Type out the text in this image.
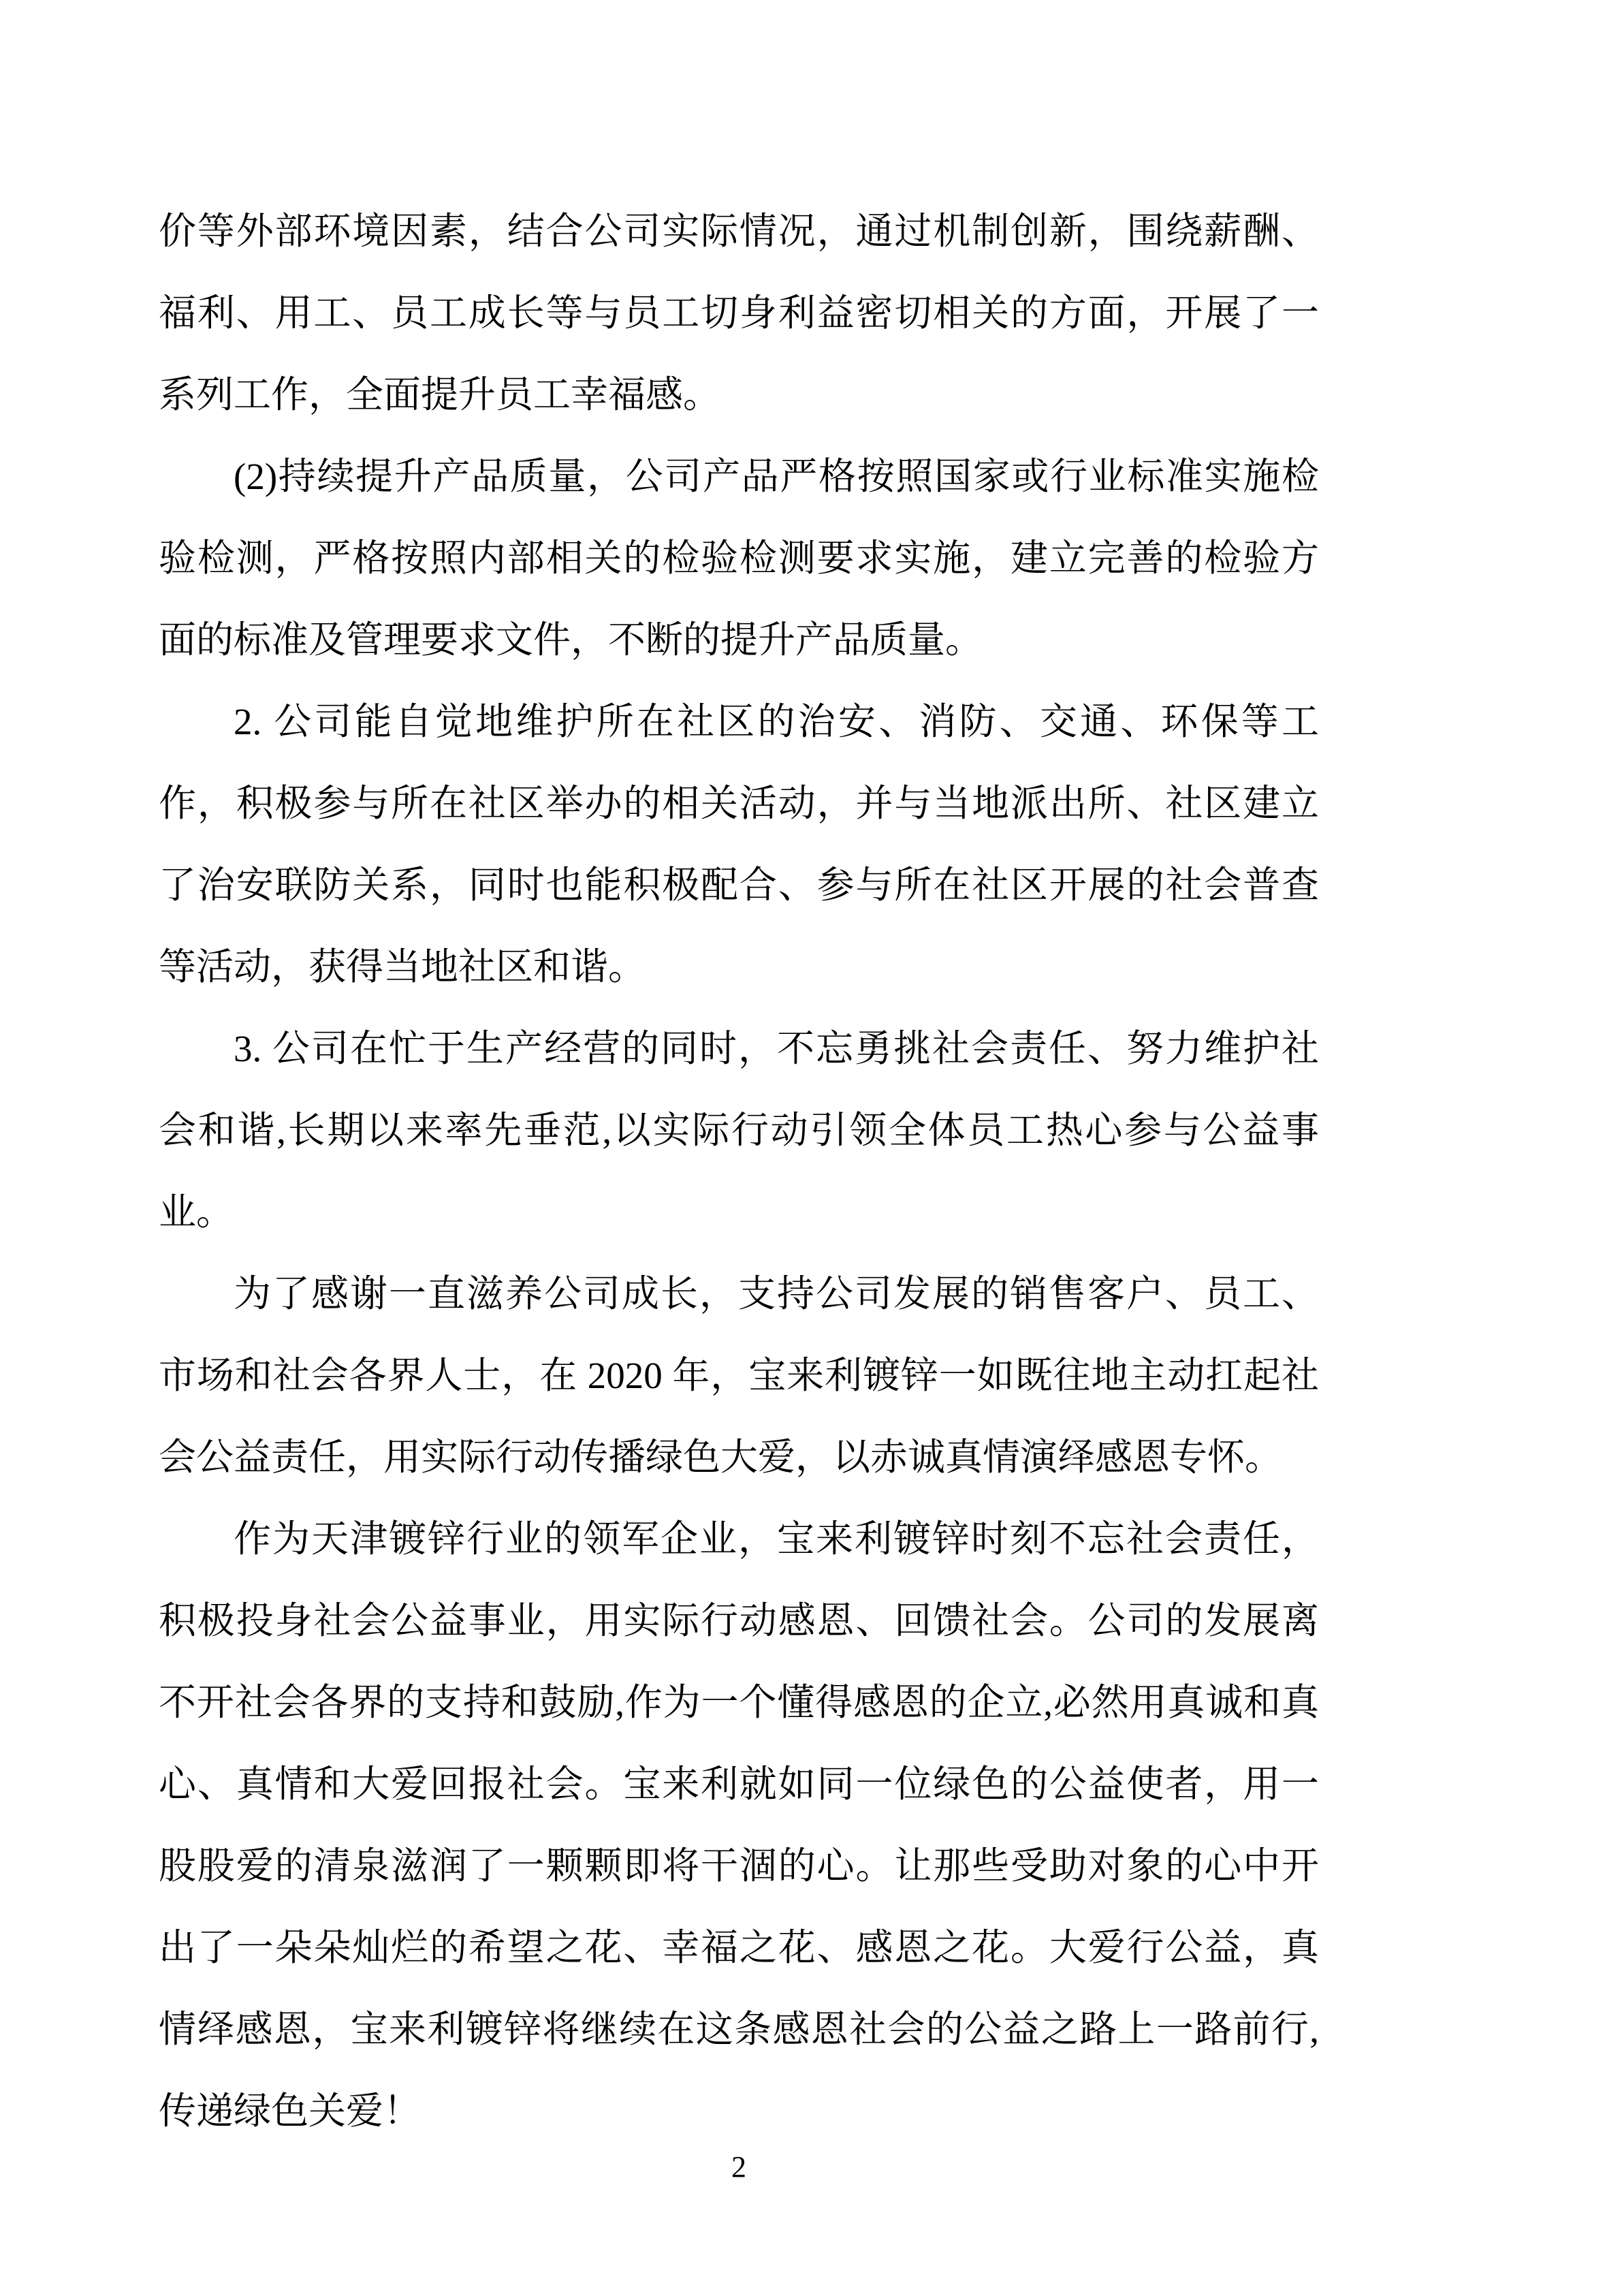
价等外部环境因素，结合公司实际情况，通过机制创新，围绕薪酬、福利、用工、员工成长等与员工切身利益密切相关的方面，开展了一系列工作，全面提升员工幸福感。

(2)持续提升产品质量，公司产品严格按照国家或行业标准实施检验检测，严格按照内部相关的检验检测要求实施，建立完善的检验方面的标准及管理要求文件，不断的提升产品质量。

2. 公司能自觉地维护所在社区的治安、消防、交通、环保等工作，积极参与所在社区举办的相关活动，并与当地派出所、社区建立了治安联防关系，同时也能积极配合、参与所在社区开展的社会普查等活动，获得当地社区和谐。

3. 公司在忙于生产经营的同时，不忘勇挑社会责任、努力维护社会和谐,长期以来率先垂范,以实际行动引领全体员工热心参与公益事业。

为了感谢一直滋养公司成长，支持公司发展的销售客户、员工、市场和社会各界人士，在 2020 年，宝来利镀锌一如既往地主动扛起社会公益责任，用实际行动传播绿色大爱，以赤诚真情演绎感恩专怀。

作为天津镀锌行业的领军企业，宝来利镀锌时刻不忘社会责任，积极投身社会公益事业，用实际行动感恩、回馈社会。公司的发展离不开社会各界的支持和鼓励,作为一个懂得感恩的企立,必然用真诚和真心、真情和大爱回报社会。宝来利就如同一位绿色的公益使者，用一股股爱的清泉滋润了一颗颗即将干涸的心。让那些受助对象的心中开出了一朵朵灿烂的希望之花、幸福之花、感恩之花。大爱行公益，真情绎感恩，宝来利镀锌将继续在这条感恩社会的公益之路上一路前行,传递绿色关爱！

2
